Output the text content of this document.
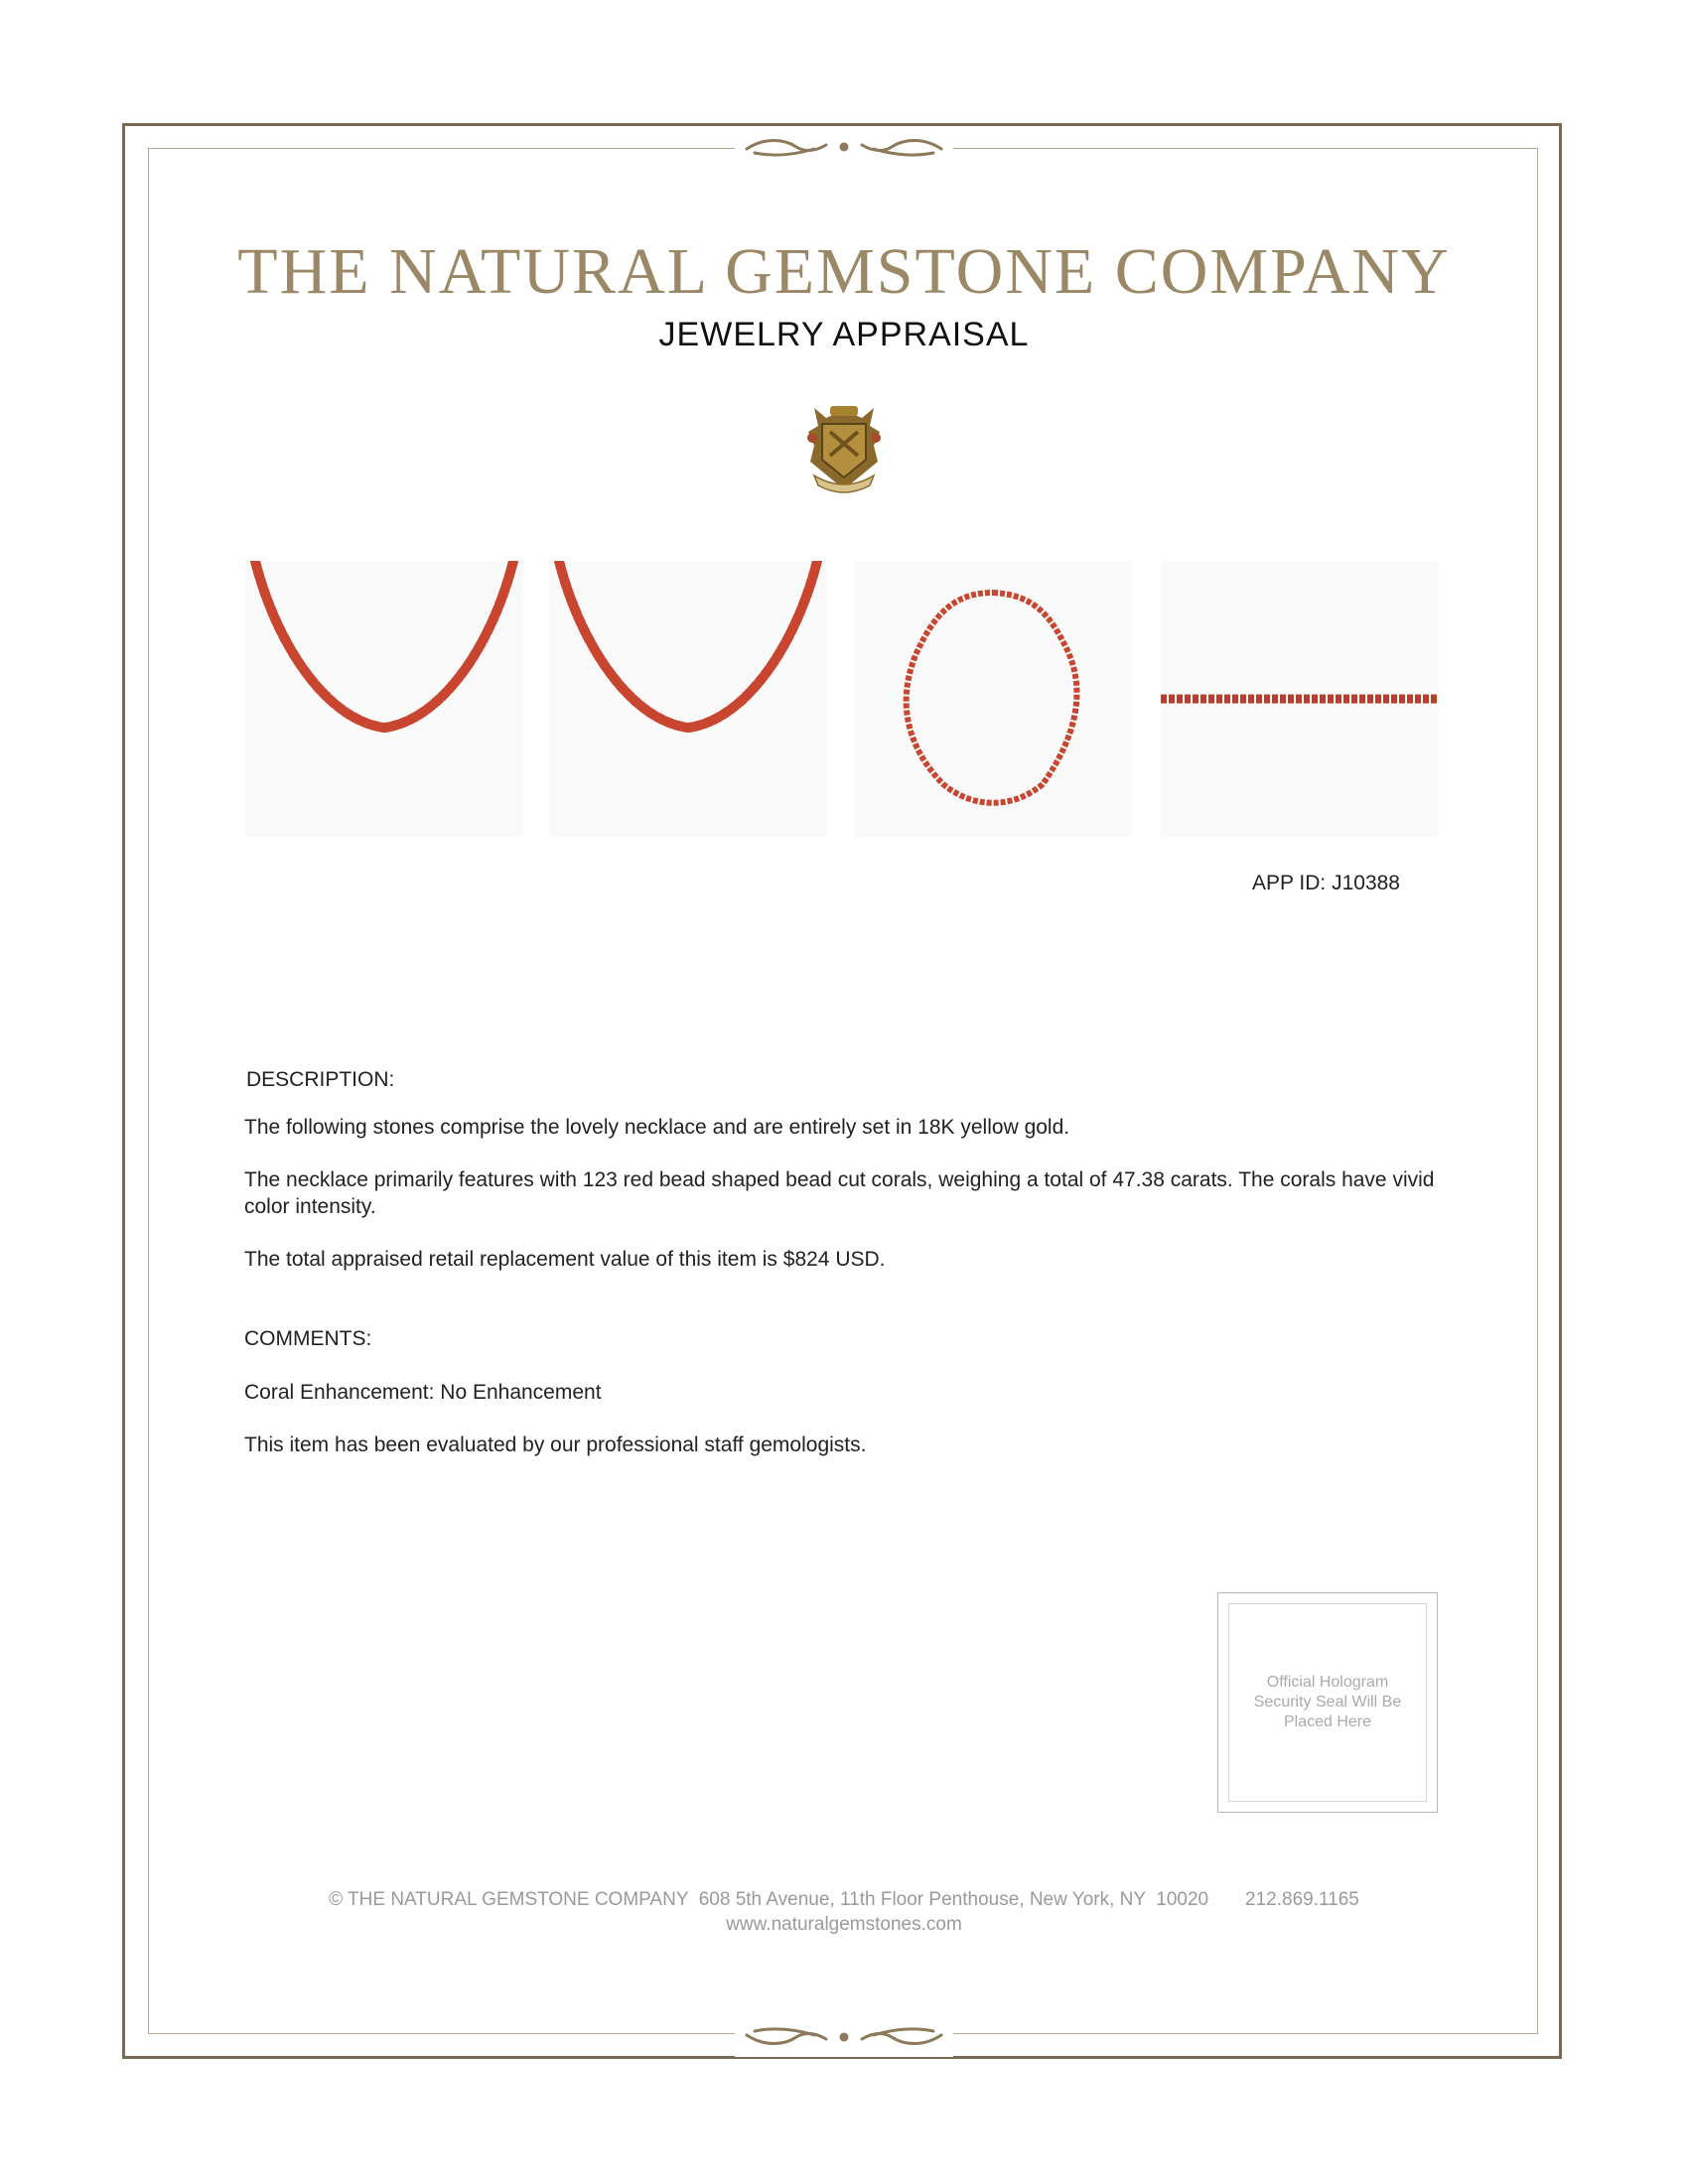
THE NATURAL GEMSTONE COMPANY
JEWELRY APPRAISAL
APP ID: J10388
DESCRIPTION:
The following stones comprise the lovely necklace and are entirely set in 18K yellow gold.
The necklace primarily features with 123 red bead shaped bead cut corals, weighing a total of 47.38 carats. The corals have vivid color intensity.
The total appraised retail replacement value of this item is $824 USD.
COMMENTS:
Coral Enhancement: No Enhancement
This item has been evaluated by our professional staff gemologists.
Official Hologram Security Seal Will Be Placed Here
© THE NATURAL GEMSTONE COMPANY 608 5th Avenue, 11th Floor Penthouse, New York, NY  10020 212.869.1165
www.naturalgemstones.com
